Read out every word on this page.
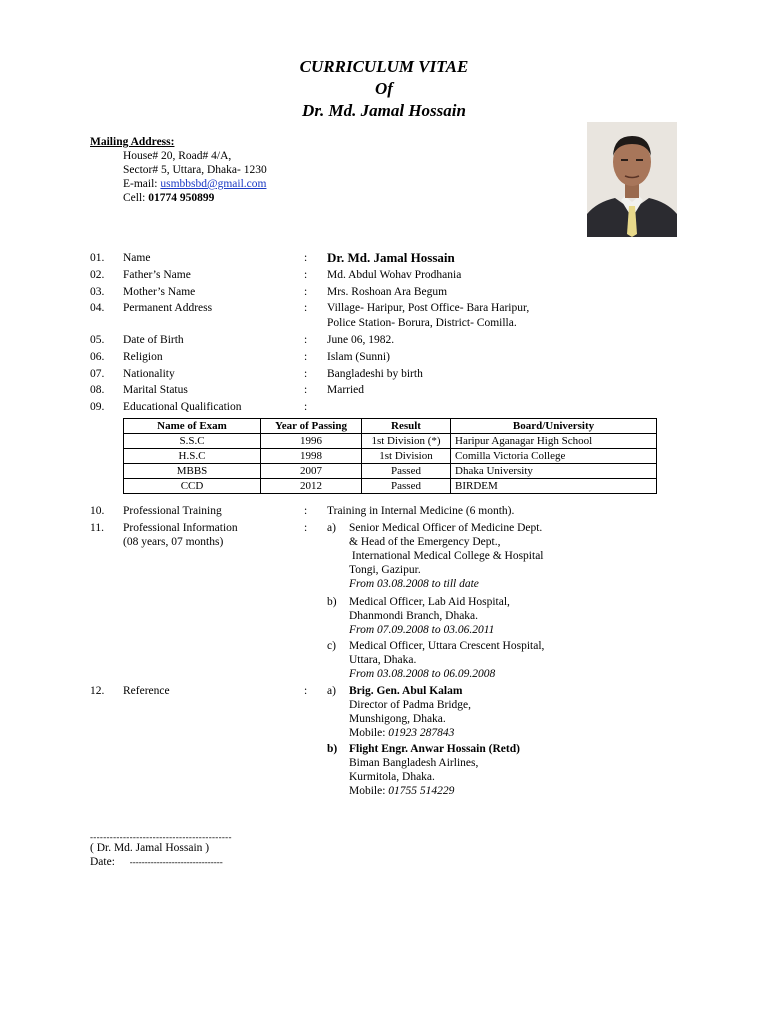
CURRICULUM VITAE
Of
Dr. Md. Jamal Hossain
Mailing Address:
House# 20, Road# 4/A,
Sector# 5, Uttara, Dhaka- 1230
E-mail: usmbbsbd@gmail.com
Cell: 01774 950899
01. Name	: Dr. Md. Jamal Hossain
02. Father’s Name	: Md. Abdul Wohav Prodhania
03. Mother’s Name	: Mrs. Roshoan Ara Begum
04. Permanent Address	: Village- Haripur, Post Office- Bara Haripur,
Police Station- Borura, District- Comilla.
05. Date of Birth	: June 06, 1982.
06. Religion	: Islam (Sunni)
07. Nationality	: Bangladeshi by birth
08. Marital Status	: Married
09. Educational Qualification	:
Name of Exam	Year of Passing	Result	Board/University
S.S.C	1996	1st Division (*)	Haripur Aganagar High School
H.S.C	1998	1st Division	Comilla Victoria College
MBBS	2007	Passed	Dhaka University
CCD	2012	Passed	BIRDEM
10. Professional Training	: Training in Internal Medicine (6 month).
11. Professional Information
(08 years, 07 months)
: a) Senior Medical Officer of Medicine Dept.
& Head of the Emergency Dept.,
International Medical College & Hospital
Tongi, Gazipur.
From 03.08.2008 to till date
b) Medical Officer, Lab Aid Hospital,
Dhanmondi Branch, Dhaka.
From 07.09.2008 to 03.06.2011
c) Medical Officer, Uttara Crescent Hospital,
Uttara, Dhaka.
From 03.08.2008 to 06.09.2008
12. Reference	: a) Brig. Gen. Abul Kalam
Director of Padma Bridge,
Munshigong, Dhaka.
Mobile: 01923 287843
b) Flight Engr. Anwar Hossain (Retd)
Biman Bangladesh Airlines,
Kurmitola, Dhaka.
Mobile: 01755 514229
-------------------------------------------
( Dr. Md. Jamal Hossain )
Date: -------------------------------
